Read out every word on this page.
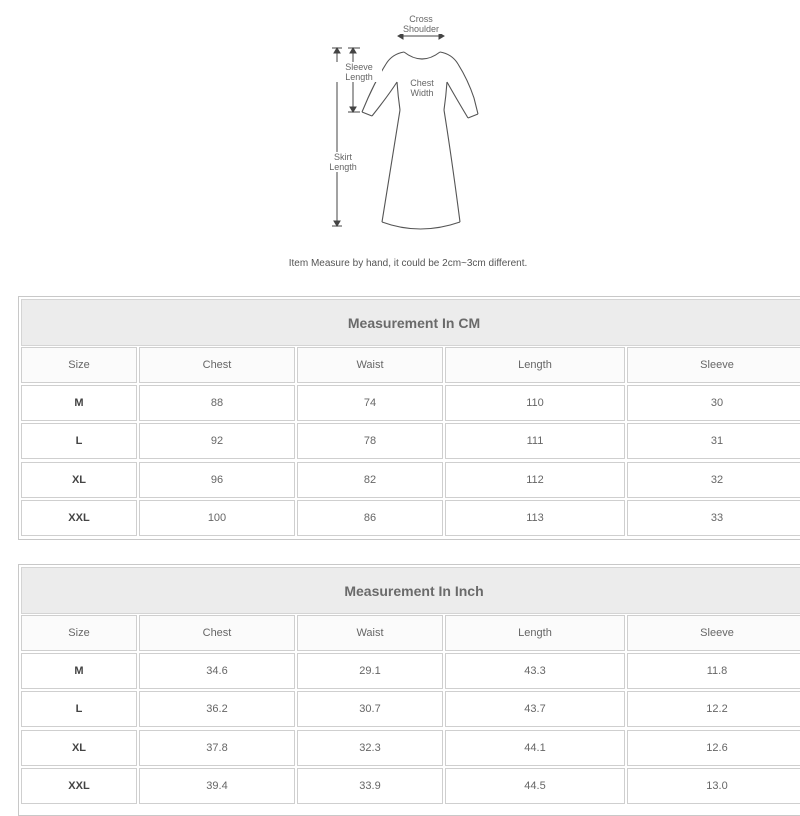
Cross
Shoulder
Sleeve
Length
Chest
Width
Skirt
Length
Item Measure by hand, it could be 2cm~3cm different.
Measurement In CM
Size	Chest	Waist	Length	Sleeve
M	88	74	110	30
L	92	78	111	31
XL	96	82	112	32
XXL	100	86	113	33
Measurement In Inch
Size	Chest	Waist	Length	Sleeve
M	34.6	29.1	43.3	11.8
L	36.2	30.7	43.7	12.2
XL	37.8	32.3	44.1	12.6
XXL	39.4	33.9	44.5	13.0
